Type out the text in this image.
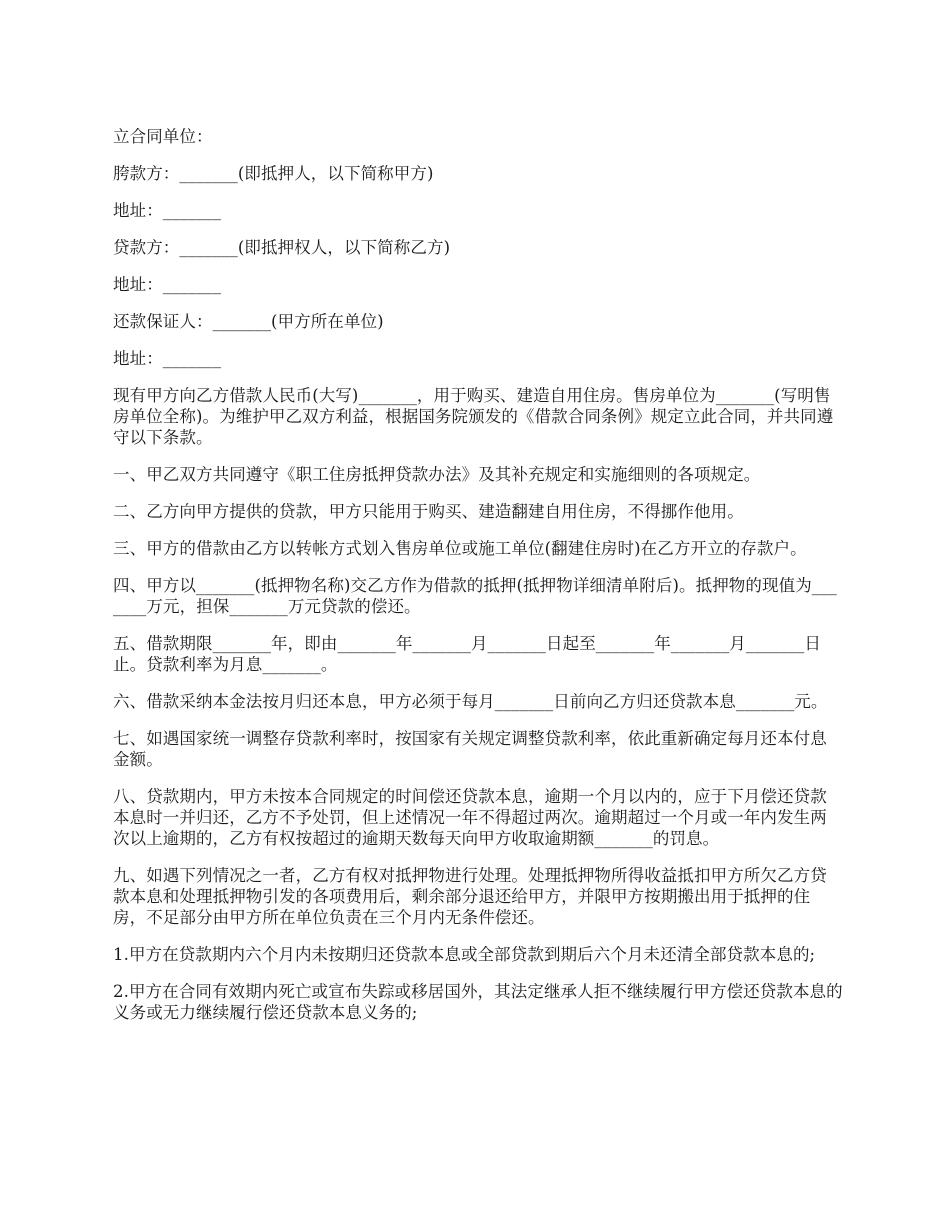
立合同单位：

胯款方：_______(即抵押人，以下简称甲方)

地址：_______

贷款方：_______(即抵押权人，以下简称乙方)

地址：_______

还款保证人：_______(甲方所在单位)

地址：_______

现有甲方向乙方借款人民币(大写)_______，用于购买、建造自用住房。售房单位为_______(写明售房单位全称)。为维护甲乙双方利益，根据国务院颁发的《借款合同条例》规定立此合同，并共同遵守以下条款。

一、甲乙双方共同遵守《职工住房抵押贷款办法》及其补充规定和实施细则的各项规定。

二、乙方向甲方提供的贷款，甲方只能用于购买、建造翻建自用住房，不得挪作他用。

三、甲方的借款由乙方以转帐方式划入售房单位或施工单位(翻建住房时)在乙方开立的存款户。

四、甲方以_______(抵押物名称)交乙方作为借款的抵押(抵押物详细清单附后)。抵押物的现值为_______万元，担保_______万元贷款的偿还。

五、借款期限_______年，即由_______年_______月_______日起至_______年_______月_______日止。贷款利率为月息_______。

六、借款采纳本金法按月归还本息，甲方必须于每月_______日前向乙方归还贷款本息_______元。

七、如遇国家统一调整存贷款利率时，按国家有关规定调整贷款利率，依此重新确定每月还本付息金额。

八、贷款期内，甲方未按本合同规定的时间偿还贷款本息，逾期一个月以内的，应于下月偿还贷款本息时一并归还，乙方不予处罚，但上述情况一年不得超过两次。逾期超过一个月或一年内发生两次以上逾期的，乙方有权按超过的逾期天数每天向甲方收取逾期额_______的罚息。

九、如遇下列情况之一者，乙方有权对抵押物进行处理。处理抵押物所得收益抵扣甲方所欠乙方贷款本息和处理抵押物引发的各项费用后，剩余部分退还给甲方，并限甲方按期搬出用于抵押的住房，不足部分由甲方所在单位负责在三个月内无条件偿还。

1.甲方在贷款期内六个月内未按期归还贷款本息或全部贷款到期后六个月未还清全部贷款本息的;

2.甲方在合同有效期内死亡或宣布失踪或移居国外，其法定继承人拒不继续履行甲方偿还贷款本息的义务或无力继续履行偿还贷款本息义务的;
